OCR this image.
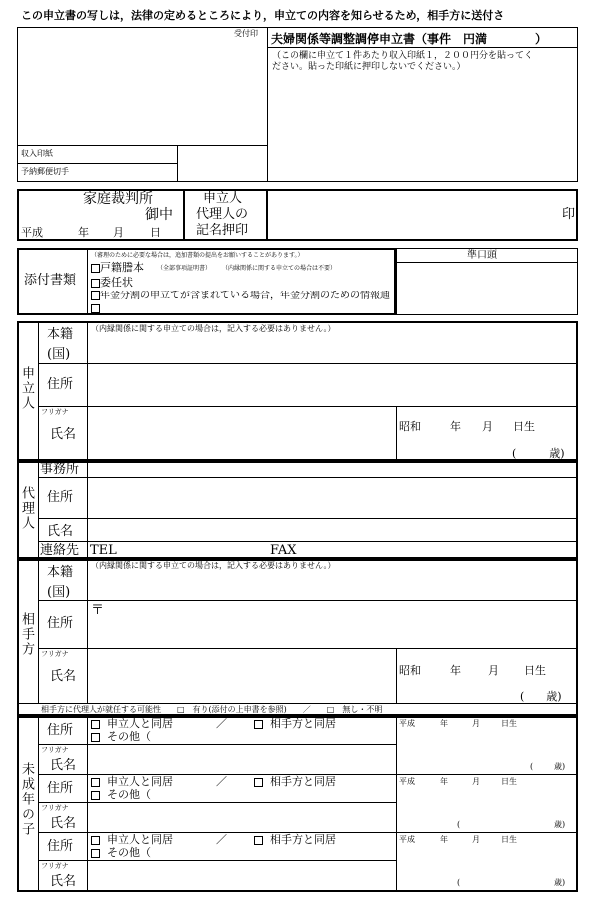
この申立書の写しは，法律の定めるところにより，申立ての内容を知らせるため，相手方に送付さ
受付印
収入印紙
予納郵便切手
夫婦関係等調整調停申立書（事件　円満　　　　）
（この欄に申立て１件あたり収入印紙１，２００円分を貼ってく
ださい。貼った印紙に押印しないでください。）
家庭裁判所
御中
平成	年 月 日
申立人
代理人の
記名押印
印
添付書類
（審理のために必要な場合は，追加書類の提出をお願いすることがあります。）
戸籍謄本 （全部事項証明書） （内縁関係に関する申立ての場合は不要）
委任状
年金分割の申立てが含まれている場合，年金分割のための情報通
準口頭
申立人
本籍
(国)
（内縁関係に関する申立ての場合は，記入する必要はありません。）
住所
フリガナ
氏名
昭和	年 月 日生
(　　　歳)
代理人
事務所
住所
氏名
連絡先 TEL	FAX
相手方
本籍
(国)
（内縁関係に関する申立ての場合は，記入する必要はありません。）
〒
住所
フリガナ
氏名	昭和	年 月 日生
(　　歳)
相手方に代理人が就任する可能性　　□　有り(添付の上申書を参照)　　／　　□　無し・不明
未成年の子
住所	申立人と同居	／	相手方と同居
その他（
フリガナ
氏名
平成	年	月	日生
(	歳)
住所	申立人と同居	／	相手方と同居
その他（
フリガナ
氏名
平成	年	月	日生
(	歳)
住所	申立人と同居	／	相手方と同居
その他（
フリガナ
氏名
平成	年	月	日生
(	歳)
